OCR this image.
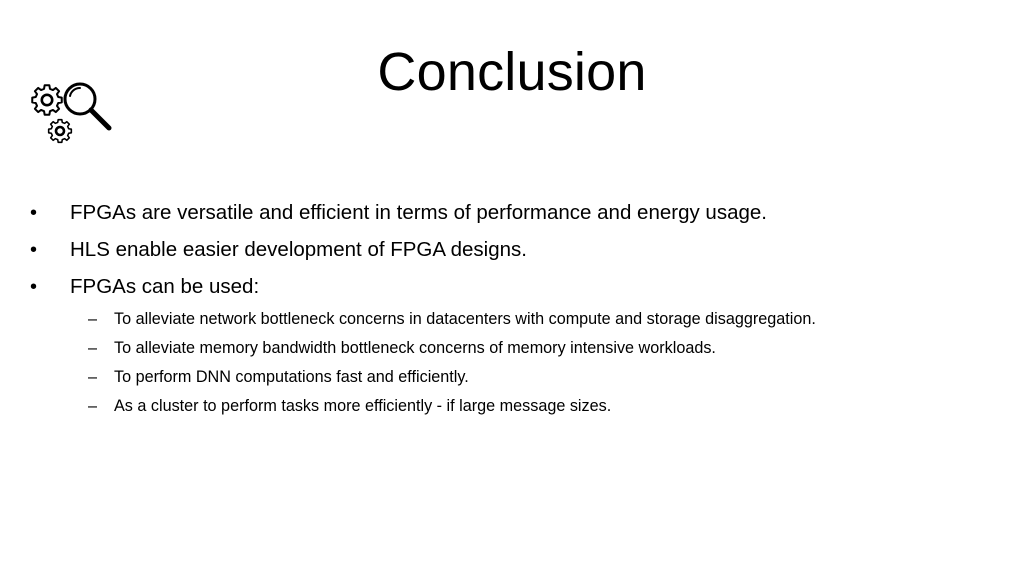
Conclusion
•	FPGAs are versatile and efficient in terms of performance and energy usage.
•	HLS enable easier development of FPGA designs.
•	FPGAs can be used:
–	To alleviate network bottleneck concerns in datacenters with compute and storage disaggregation.
–	To alleviate memory bandwidth bottleneck concerns of memory intensive workloads.
–	To perform DNN computations fast and efficiently.
–	As a cluster to perform tasks more efficiently - if large message sizes.
